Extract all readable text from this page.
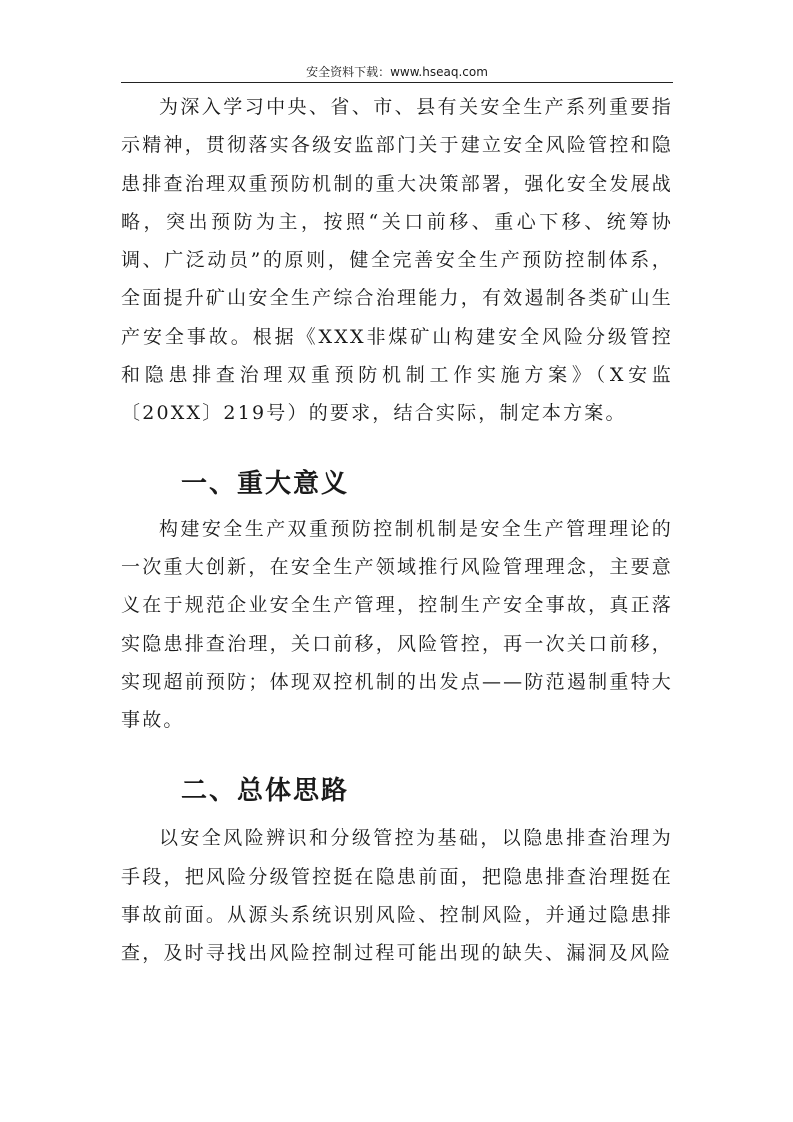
安全资料下载：www.hseaq.com

为深入学习中央、省、市、县有关安全生产系列重要指示精神，贯彻落实各级安监部门关于建立安全风险管控和隐患排查治理双重预防机制的重大决策部署，强化安全发展战略，突出预防为主，按照“关口前移、重心下移、统筹协调、广泛动员”的原则，健全完善安全生产预防控制体系，全面提升矿山安全生产综合治理能力，有效遏制各类矿山生产安全事故。根据《XXX非煤矿山构建安全风险分级管控和隐患排查治理双重预防机制工作实施方案》（X安监〔20XX〕219号）的要求，结合实际，制定本方案。

一、重大意义

构建安全生产双重预防控制机制是安全生产管理理论的一次重大创新，在安全生产领域推行风险管理理念，主要意义在于规范企业安全生产管理，控制生产安全事故，真正落实隐患排查治理，关口前移，风险管控，再一次关口前移，实现超前预防；体现双控机制的出发点——防范遏制重特大事故。

二、总体思路

以安全风险辨识和分级管控为基础，以隐患排查治理为手段，把风险分级管控挺在隐患前面，把隐患排查治理挺在事故前面。从源头系统识别风险、控制风险，并通过隐患排查，及时寻找出风险控制过程可能出现的缺失、漏洞及风险
